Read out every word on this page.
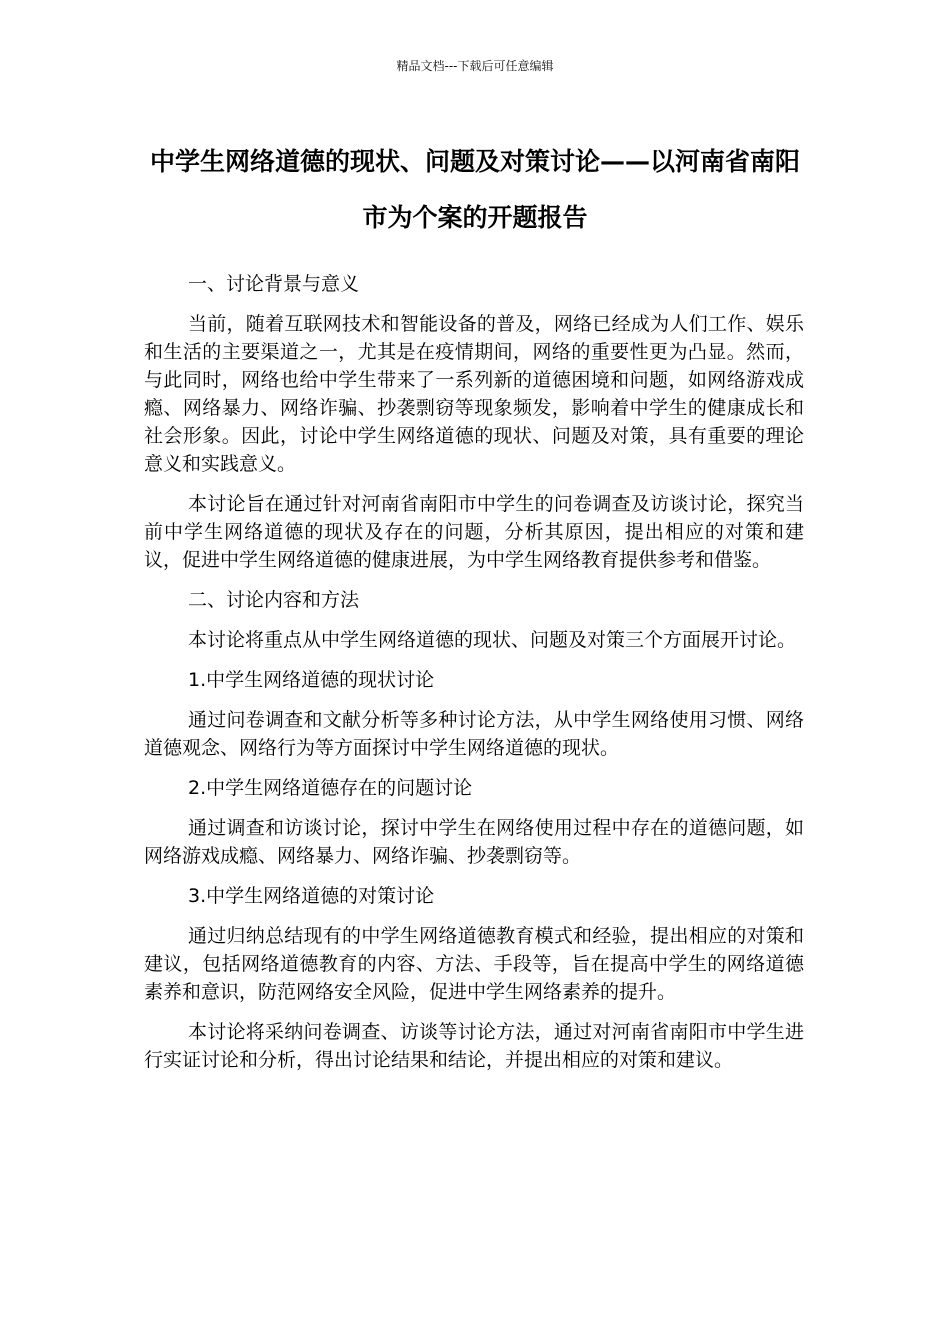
精品文档---下载后可任意编辑
中学生网络道德的现状、问题及对策讨论——以河南省南阳市为个案的开题报告

一、讨论背景与意义

当前，随着互联网技术和智能设备的普及，网络已经成为人们工作、娱乐和生活的主要渠道之一，尤其是在疫情期间，网络的重要性更为凸显。然而，与此同时，网络也给中学生带来了一系列新的道德困境和问题，如网络游戏成瘾、网络暴力、网络诈骗、抄袭剽窃等现象频发，影响着中学生的健康成长和社会形象。因此，讨论中学生网络道德的现状、问题及对策，具有重要的理论意义和实践意义。

本讨论旨在通过针对河南省南阳市中学生的问卷调查及访谈讨论，探究当前中学生网络道德的现状及存在的问题，分析其原因，提出相应的对策和建议，促进中学生网络道德的健康进展，为中学生网络教育提供参考和借鉴。

二、讨论内容和方法

本讨论将重点从中学生网络道德的现状、问题及对策三个方面展开讨论。

1.中学生网络道德的现状讨论

通过问卷调查和文献分析等多种讨论方法，从中学生网络使用习惯、网络道德观念、网络行为等方面探讨中学生网络道德的现状。

2.中学生网络道德存在的问题讨论

通过调查和访谈讨论，探讨中学生在网络使用过程中存在的道德问题，如网络游戏成瘾、网络暴力、网络诈骗、抄袭剽窃等。

3.中学生网络道德的对策讨论

通过归纳总结现有的中学生网络道德教育模式和经验，提出相应的对策和建议，包括网络道德教育的内容、方法、手段等，旨在提高中学生的网络道德素养和意识，防范网络安全风险，促进中学生网络素养的提升。

本讨论将采纳问卷调查、访谈等讨论方法，通过对河南省南阳市中学生进行实证讨论和分析，得出讨论结果和结论，并提出相应的对策和建议。
